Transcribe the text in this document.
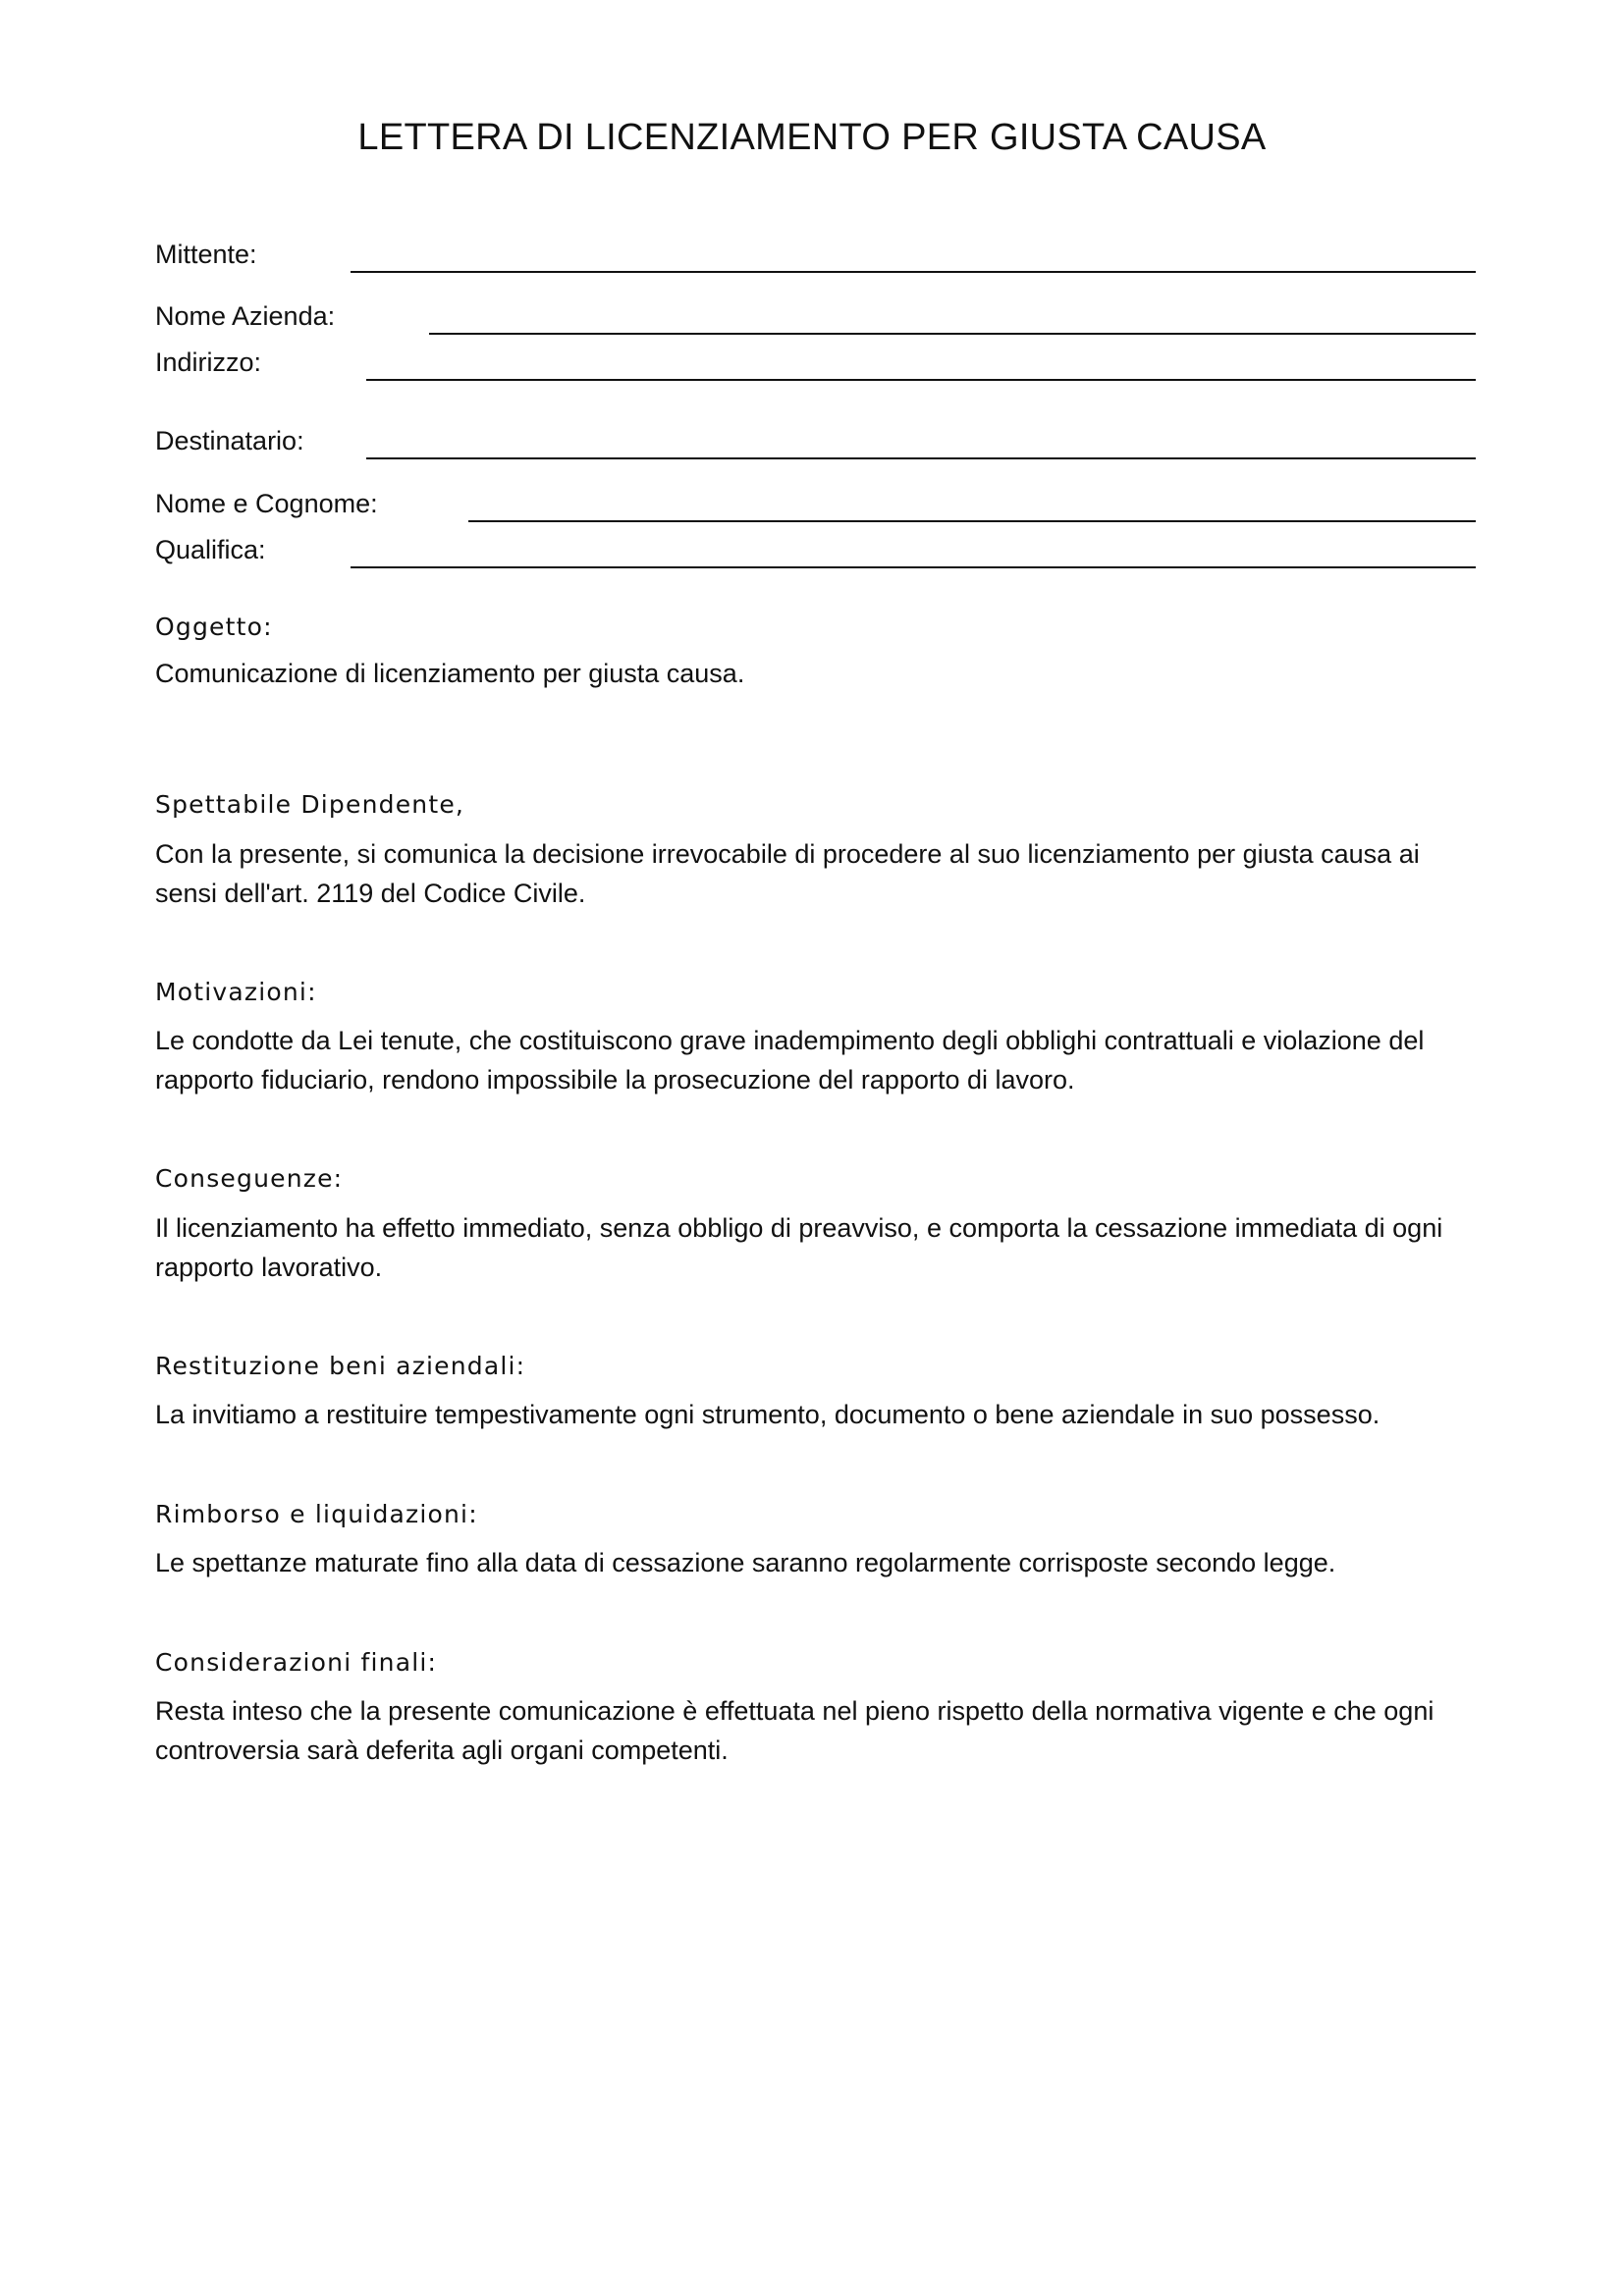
LETTERA DI LICENZIAMENTO PER GIUSTA CAUSA
Mittente:
Nome Azienda:
Indirizzo:
Destinatario:
Nome e Cognome:
Qualifica:
Oggetto:
Comunicazione di licenziamento per giusta causa.
Spettabile Dipendente,
Con la presente, si comunica la decisione irrevocabile di procedere al suo licenziamento per giusta causa ai sensi dell'art. 2119 del Codice Civile.
Motivazioni:
Le condotte da Lei tenute, che costituiscono grave inadempimento degli obblighi contrattuali e violazione del rapporto fiduciario, rendono impossibile la prosecuzione del rapporto di lavoro.
Conseguenze:
Il licenziamento ha effetto immediato, senza obbligo di preavviso, e comporta la cessazione immediata di ogni rapporto lavorativo.
Restituzione beni aziendali:
La invitiamo a restituire tempestivamente ogni strumento, documento o bene aziendale in suo possesso.
Rimborso e liquidazioni:
Le spettanze maturate fino alla data di cessazione saranno regolarmente corrisposte secondo legge.
Considerazioni finali:
Resta inteso che la presente comunicazione è effettuata nel pieno rispetto della normativa vigente e che ogni controversia sarà deferita agli organi competenti.
